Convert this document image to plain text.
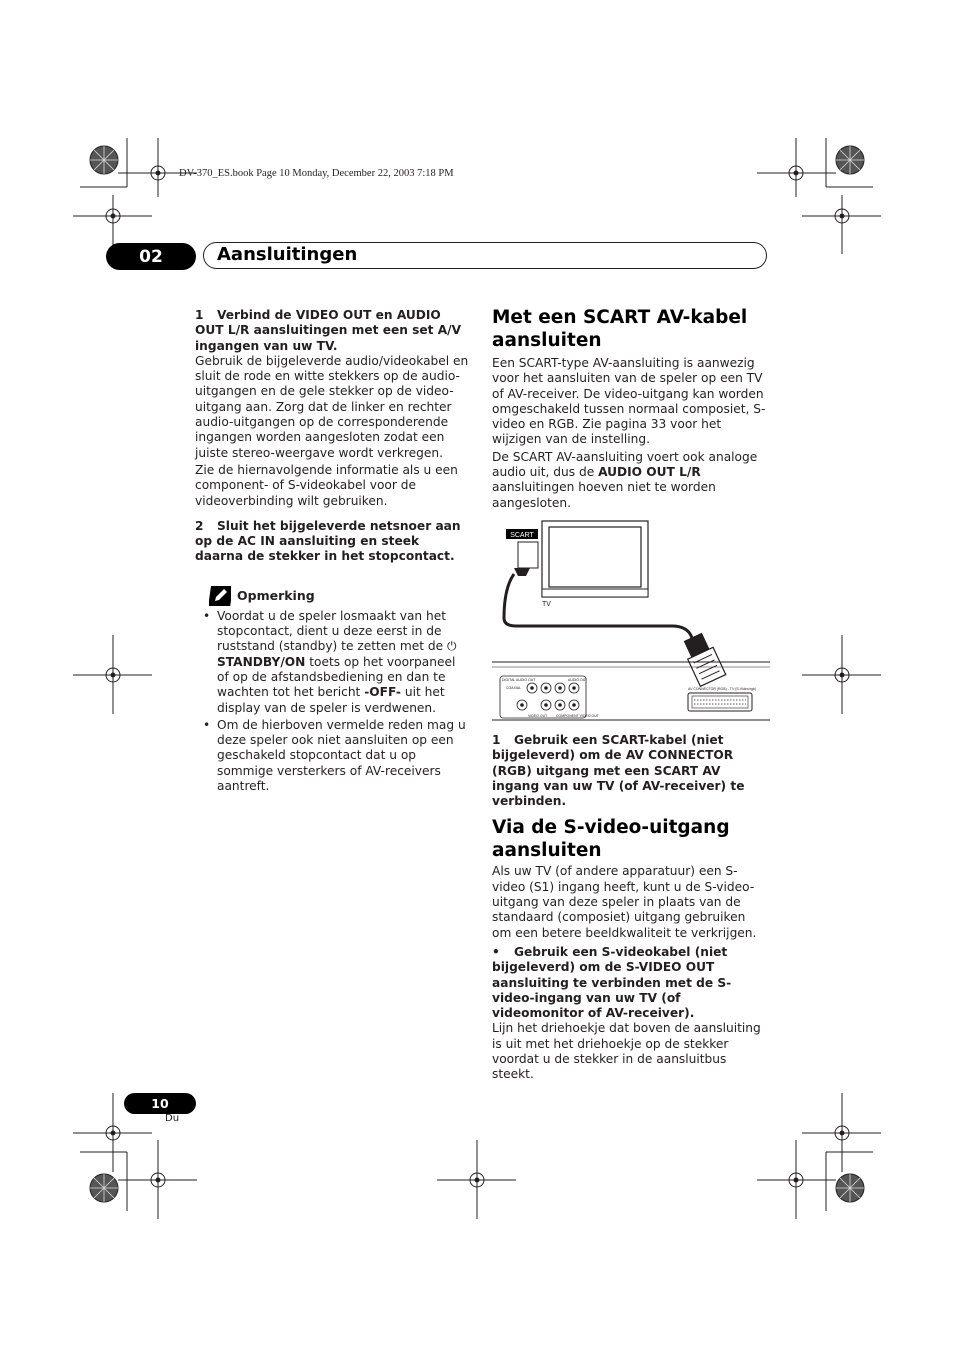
DV-370_ES.book Page 10 Monday, December 22, 2003 7:18 PM
02	Aansluitingen

1 Verbind de VIDEO OUT en AUDIO OUT L/R aansluitingen met een set A/V ingangen van uw TV.

Gebruik de bijgeleverde audio/videokabel en sluit de rode en witte stekkers op de audio-uitgangen en de gele stekker op de video-uitgang aan. Zorg dat de linker en rechter audio-uitgangen op de corresponderende ingangen worden aangesloten zodat een juiste stereo-weergave wordt verkregen.

Zie de hiernavolgende informatie als u een component- of S-videokabel voor de videoverbinding wilt gebruiken.

2 Sluit het bijgeleverde netsnoer aan op de AC IN aansluiting en steek daarna de stekker in het stopcontact.

Opmerking
• Voordat u de speler losmaakt van het stopcontact, dient u deze eerst in de ruststand (standby) te zetten met de ⏻ STANDBY/ON toets op het voorpaneel of op de afstandsbediening en dan te wachten tot het bericht -OFF- uit het display van de speler is verdwenen.
• Om de hierboven vermelde reden mag u deze speler ook niet aansluiten op een geschakeld stopcontact dat u op sommige versterkers of AV-receivers aantreft.
Met een SCART AV-kabel aansluiten

Een SCART-type AV-aansluiting is aanwezig voor het aansluiten van de speler op een TV of AV-receiver. De video-uitgang kan worden omgeschakeld tussen normaal composiet, S-video en RGB. Zie pagina 33 voor het wijzigen van de instelling.

De SCART AV-aansluiting voert ook analoge audio uit, dus de AUDIO OUT L/R aansluitingen hoeven niet te worden aangesloten.

SCART
TV
DIGITAL AUDIO OUT
COAXIAL
VIDEO OUT COMPONENT VIDEO OUT
AUDIO OUT
AV CONNECTOR (RGB) - TV (S-Video/rgb)

1 Gebruik een SCART-kabel (niet bijgeleverd) om de AV CONNECTOR (RGB) uitgang met een SCART AV ingang van uw TV (of AV-receiver) te verbinden.

Via de S-video-uitgang aansluiten

Als uw TV (of andere apparatuur) een S-video (S1) ingang heeft, kunt u de S-video-uitgang van deze speler in plaats van de standaard (composiet) uitgang gebruiken om een betere beeldkwaliteit te verkrijgen.

• Gebruik een S-videokabel (niet bijgeleverd) om de S-VIDEO OUT aansluiting te verbinden met de S-video-ingang van uw TV (of videomonitor of AV-receiver).

Lijn het driehoekje dat boven de aansluiting is uit met het driehoekje op de stekker voordat u de stekker in de aansluitbus steekt.

10
Du
